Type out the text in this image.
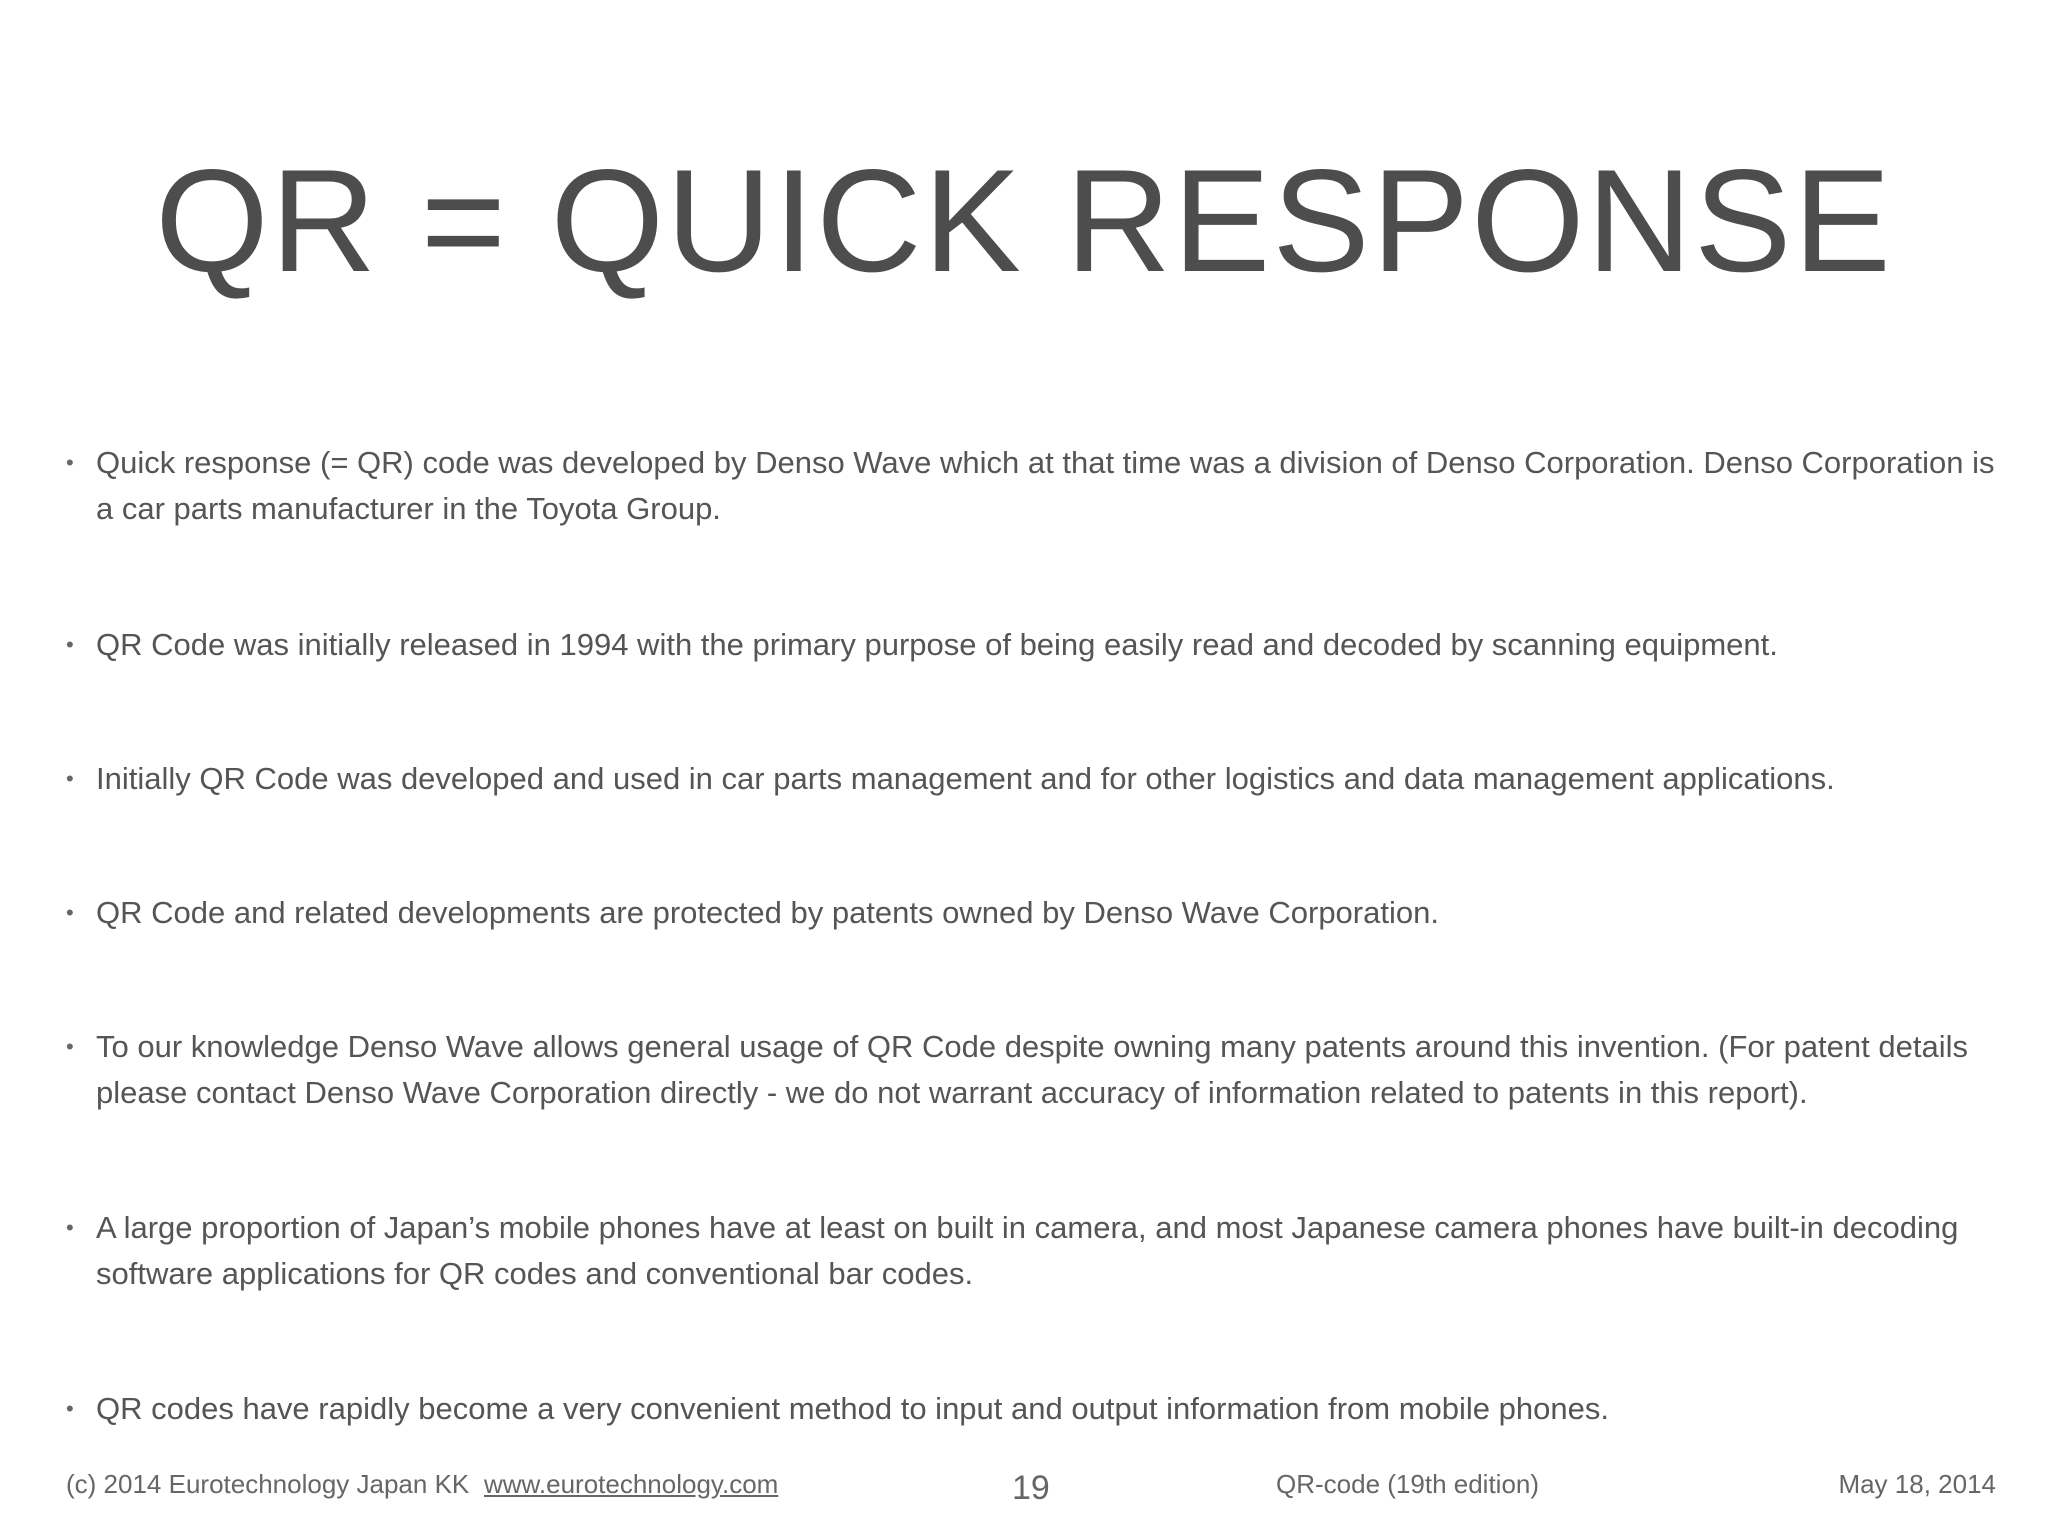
QR = QUICK RESPONSE
• Quick response (= QR) code was developed by Denso Wave which at that time was a division of Denso Corporation. Denso Corporation is a car parts manufacturer in the Toyota Group.
• QR Code was initially released in 1994 with the primary purpose of being easily read and decoded by scanning equipment.
• Initially QR Code was developed and used in car parts management and for other logistics and data management applications.
• QR Code and related developments are protected by patents owned by Denso Wave Corporation.
• To our knowledge Denso Wave allows general usage of QR Code despite owning many patents around this invention. (For patent details please contact Denso Wave Corporation directly - we do not warrant accuracy of information related to patents in this report).
• A large proportion of Japan’s mobile phones have at least on built in camera, and most Japanese camera phones have built-in decoding software applications for QR codes and conventional bar codes.
• QR codes have rapidly become a very convenient method to input and output information from mobile phones.
(c) 2014 Eurotechnology Japan KK www.eurotechnology.com	19	QR-code (19th edition)	May 18, 2014
